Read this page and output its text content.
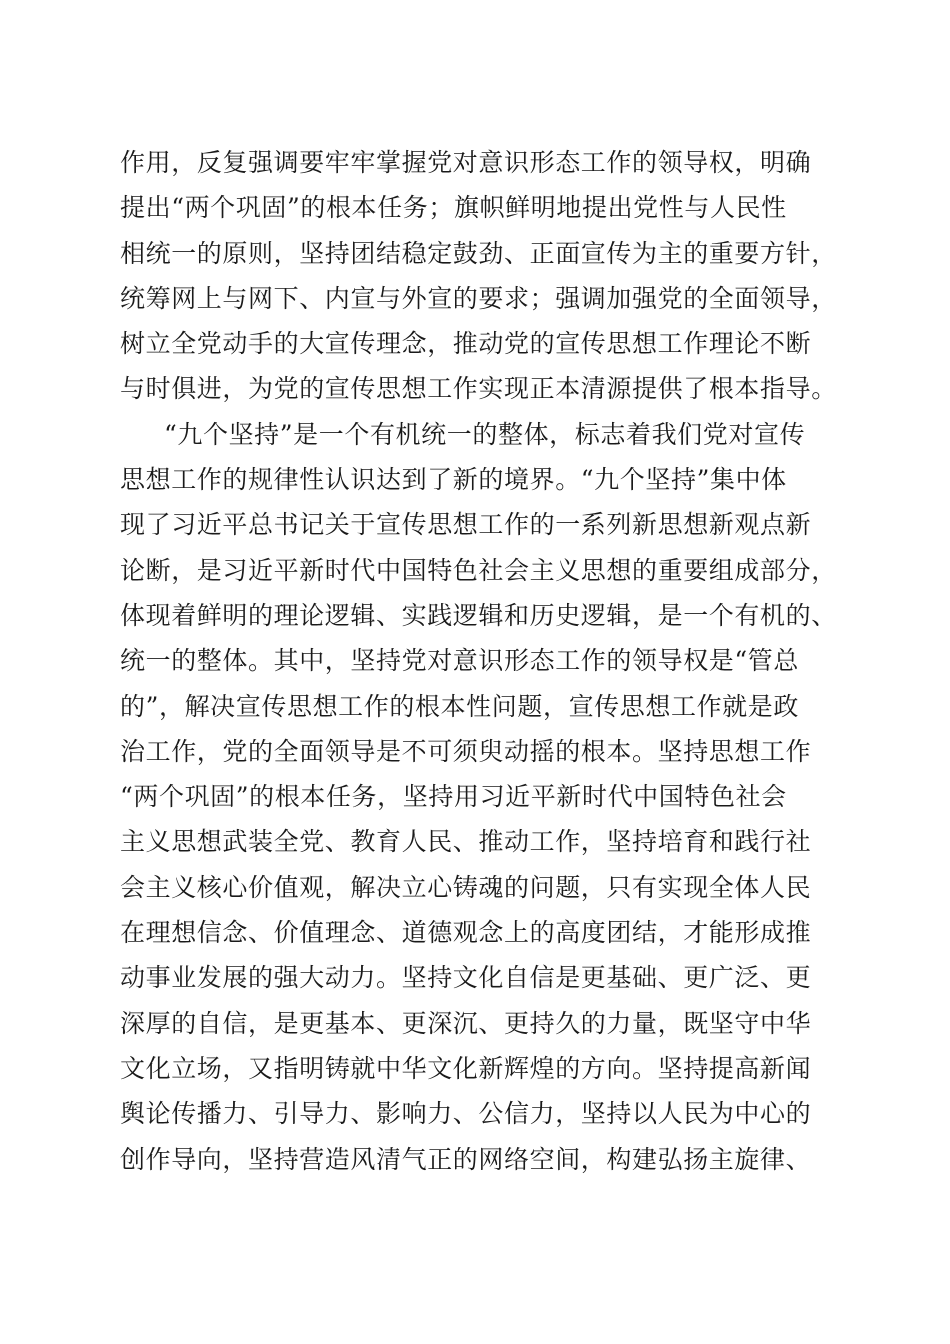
作用，反复强调要牢牢掌握党对意识形态工作的领导权，明确
提出“两个巩固”的根本任务；旗帜鲜明地提出党性与人民性
相统一的原则，坚持团结稳定鼓劲、正面宣传为主的重要方针，
统筹网上与网下、内宣与外宣的要求；强调加强党的全面领导，
树立全党动手的大宣传理念，推动党的宣传思想工作理论不断
与时俱进，为党的宣传思想工作实现正本清源提供了根本指导。
“九个坚持”是一个有机统一的整体，标志着我们党对宣传
思想工作的规律性认识达到了新的境界。“九个坚持”集中体
现了习近平总书记关于宣传思想工作的一系列新思想新观点新
论断，是习近平新时代中国特色社会主义思想的重要组成部分，
体现着鲜明的理论逻辑、实践逻辑和历史逻辑，是一个有机的、
统一的整体。其中，坚持党对意识形态工作的领导权是“管总
的”，解决宣传思想工作的根本性问题，宣传思想工作就是政
治工作，党的全面领导是不可须臾动摇的根本。坚持思想工作
“两个巩固”的根本任务，坚持用习近平新时代中国特色社会
主义思想武装全党、教育人民、推动工作，坚持培育和践行社
会主义核心价值观，解决立心铸魂的问题，只有实现全体人民
在理想信念、价值理念、道德观念上的高度团结，才能形成推
动事业发展的强大动力。坚持文化自信是更基础、更广泛、更
深厚的自信，是更基本、更深沉、更持久的力量，既坚守中华
文化立场，又指明铸就中华文化新辉煌的方向。坚持提高新闻
舆论传播力、引导力、影响力、公信力，坚持以人民为中心的
创作导向，坚持营造风清气正的网络空间，构建弘扬主旋律、
